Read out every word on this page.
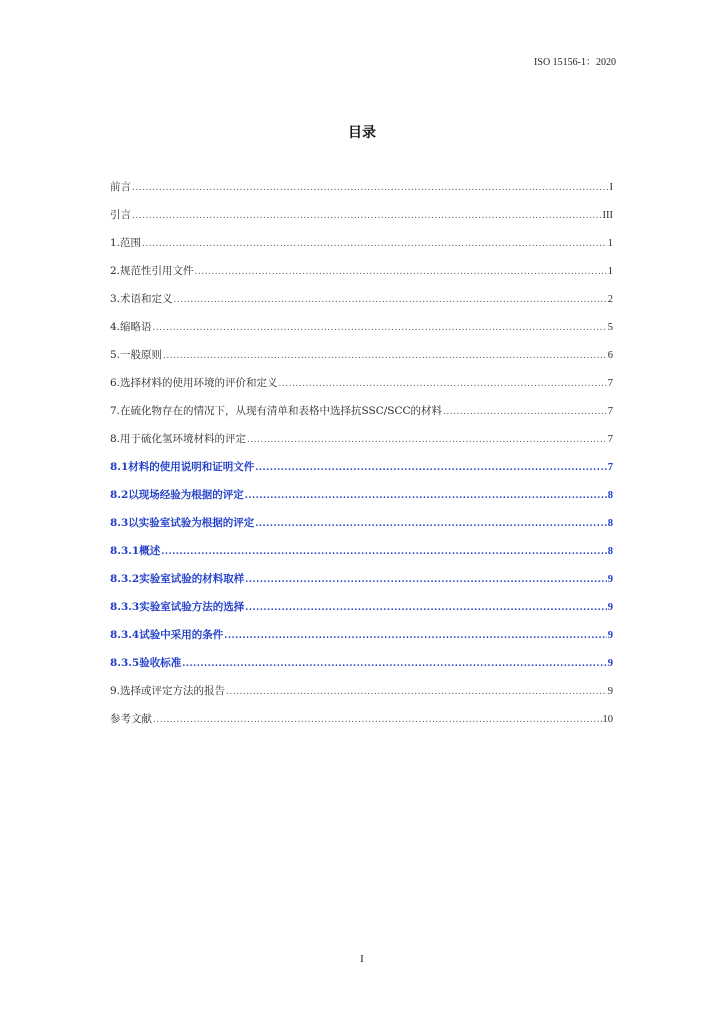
ISO 15156-1：2020
目录
前言 .....	I
引言 .....	III
1.范围 .....	1
2.规范性引用文件 .....	1
3.术语和定义 .....	2
4.缩略语 .....	5
5.一般原则 .....	6
6.选择材料的使用环境的评价和定义 .....	7
7.在硫化物存在的情况下，从现有清单和表格中选择抗SSC/SCC的材料 .....	7
8.用于硫化氢环境材料的评定 .....	7
8.1材料的使用说明和证明文件 .....	7
8.2以现场经验为根据的评定 .....	8
8.3以实验室试验为根据的评定 .....	8
8.3.1概述 .....	8
8.3.2实验室试验的材料取样 .....	9
8.3.3实验室试验方法的选择 .....	9
8.3.4试验中采用的条件 .....	9
8.3.5验收标准 .....	9
9.选择或评定方法的报告 .....	9
参考文献 .....	10
I
